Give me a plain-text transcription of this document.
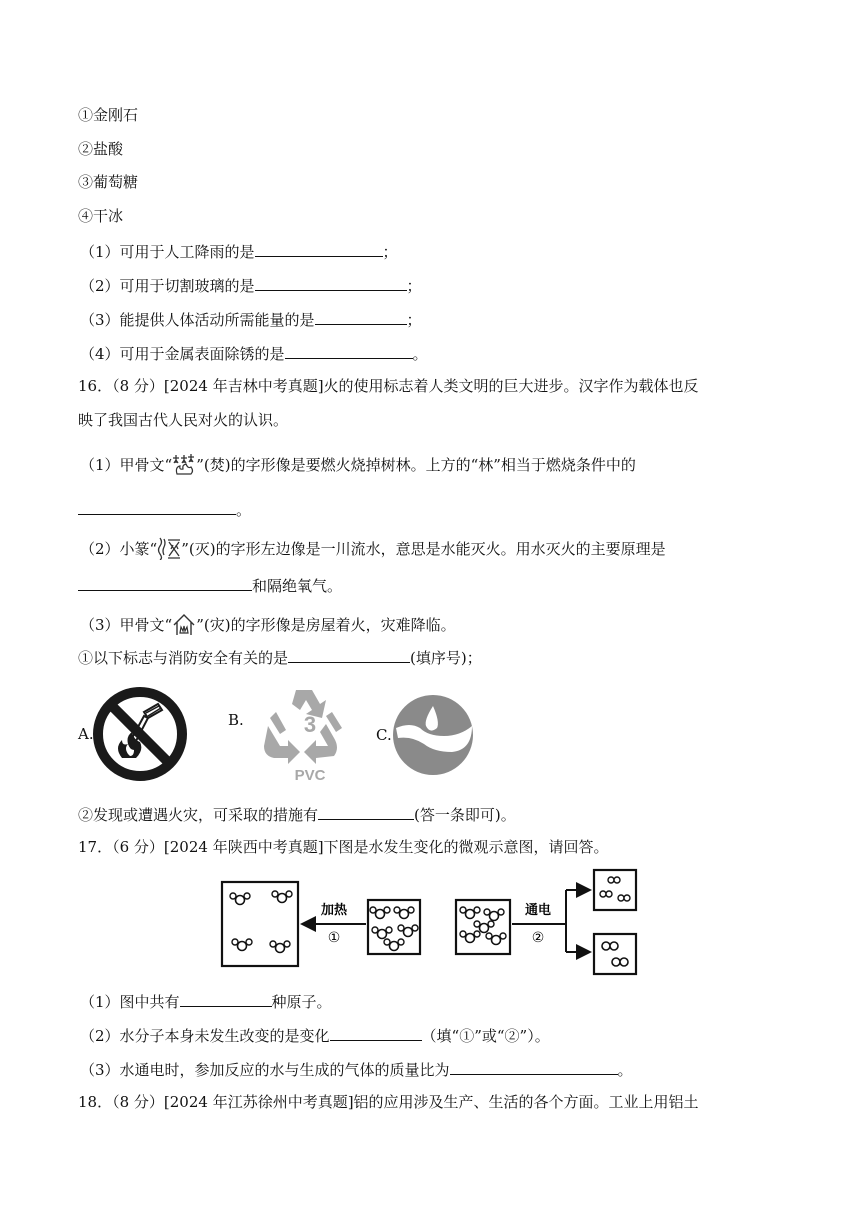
①金刚石
②盐酸
③葡萄糖
④干冰
（1）可用于人工降雨的是	；
（2）可用于切割玻璃的是	；
（3）能提供人体活动所需能量的是	；
（4）可用于金属表面除锈的是	。
16．（8 分）[2024 年吉林中考真题]火的使用标志着人类文明的巨大进步。汉字作为载体也反
映了我国古代人民对火的认识。
（1）甲骨文“ ”(焚)的字形像是要燃火烧掉树林。上方的“林”相当于燃烧条件中的
。
（2）小篆“ ”(灭)的字形左边像是一川流水，意思是水能灭火。用水灭火的主要原理是
和隔绝氧气。
（3）甲骨文“ ”(灾)的字形像是房屋着火，灾难降临。
①以下标志与消防安全有关的是	(填序号)；
A.
B.	3
PVC
C.
②发现或遭遇火灾，可采取的措施有	(答一条即可)。
17．（6 分）[2024 年陕西中考真题]下图是水发生变化的微观示意图，请回答。
加热
①
通电
②
（1）图中共有	种原子。
（2）水分子本身未发生改变的是变化	（填“①”或“②”）。
（3）水通电时，参加反应的水与生成的气体的质量比为	。
18．（8 分）[2024 年江苏徐州中考真题]铝的应用涉及生产、生活的各个方面。工业上用铝土
